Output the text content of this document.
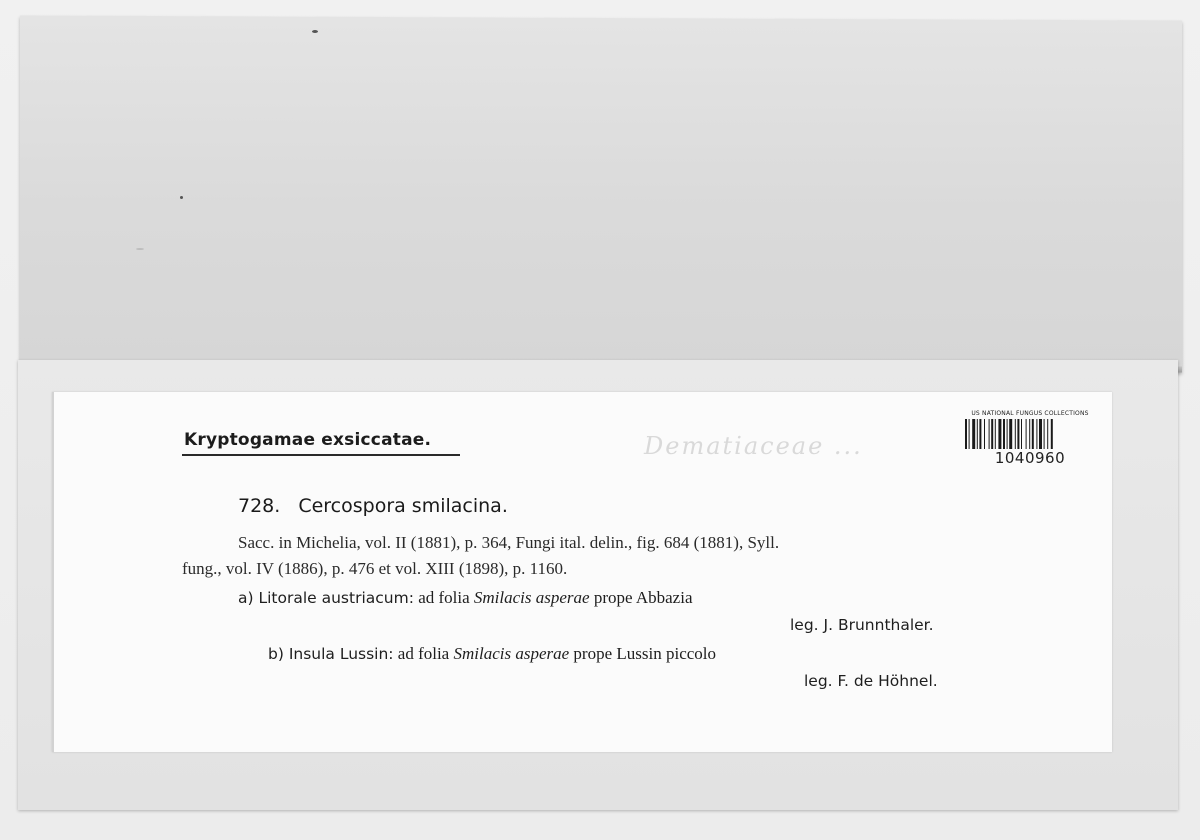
Kryptogamae exsiccatae.	Dematiaceae ...
US NATIONAL FUNGUS COLLECTIONS
1040960
728. Cercospora smilacina.
Sacc. in Michelia, vol. II (1881), p. 364, Fungi ital. delin., fig. 684 (1881), Syll.
fung., vol. IV (1886), p. 476 et vol. XIII (1898), p. 1160.
a) Litorale austriacum: ad folia Smilacis asperae prope Abbazia
leg. J. Brunnthaler.
b) Insula Lussin: ad folia Smilacis asperae prope Lussin piccolo
leg. F. de Höhnel.
